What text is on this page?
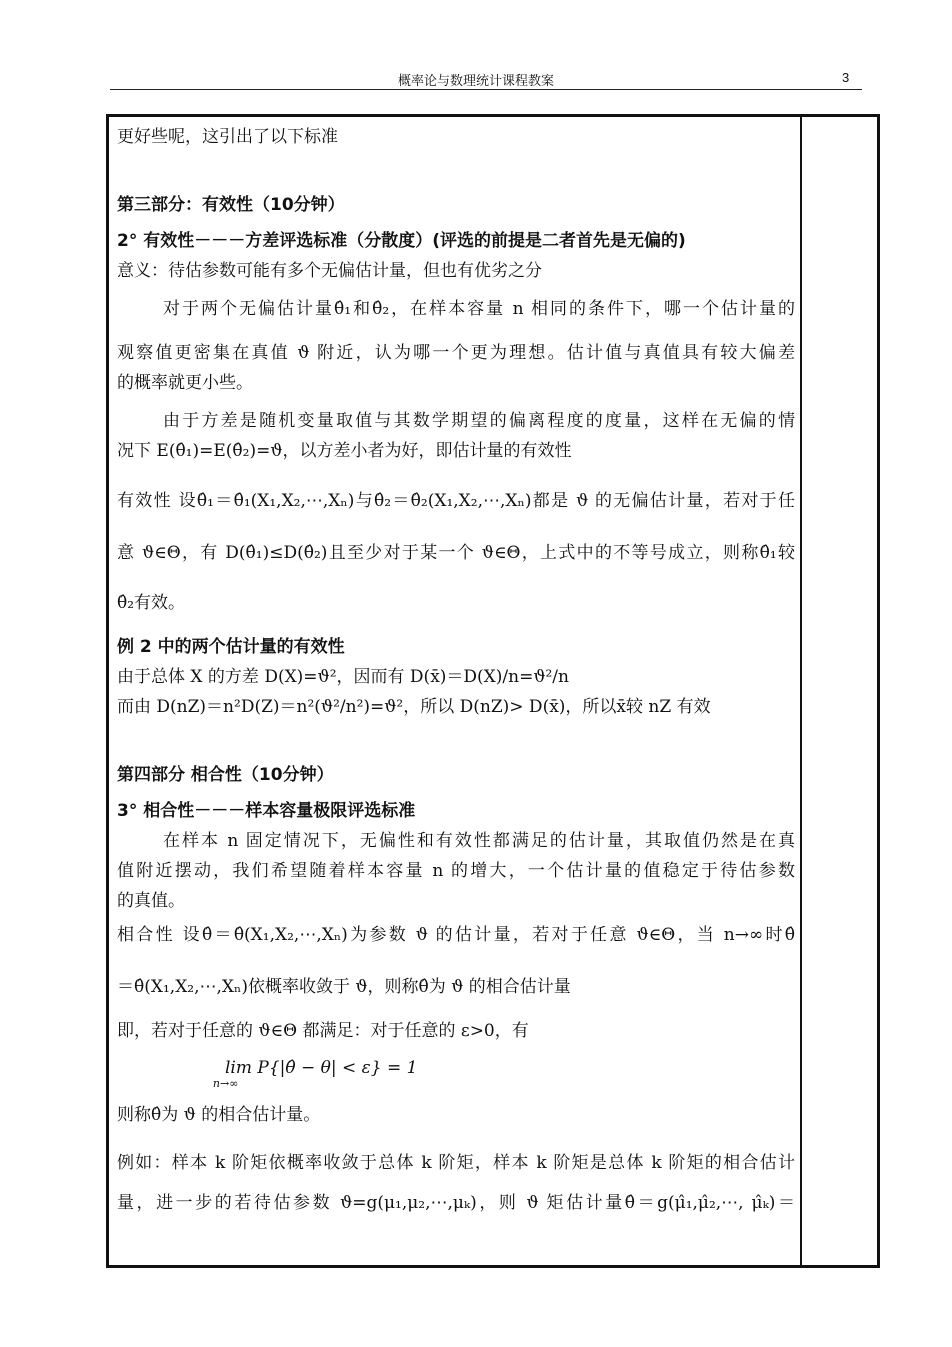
概率论与数理统计课程教案	3
更好些呢，这引出了以下标准
第三部分：有效性（10分钟）
2° 有效性－－－方差评选标准（分散度）(评选的前提是二者首先是无偏的)
意义：待估参数可能有多个无偏估计量，但也有优劣之分
对于两个无偏估计量θ̂₁和θ̂₂，在样本容量 n 相同的条件下，哪一个估计量的
观察值更密集在真值 ϑ 附近，认为哪一个更为理想。估计值与真值具有较大偏差
的概率就更小些。
由于方差是随机变量取值与其数学期望的偏离程度的度量，这样在无偏的情
况下 E(θ̂₁)=E(θ̂₂)=ϑ，以方差小者为好，即估计量的有效性
有效性 设θ̂₁＝θ̂₁(X₁,X₂,⋯,Xₙ)与θ̂₂＝θ̂₂(X₁,X₂,⋯,Xₙ)都是 ϑ 的无偏估计量，若对于任
意 ϑ∈Θ，有 D(θ̂₁)≤D(θ̂₂)且至少对于某一个 ϑ∈Θ，上式中的不等号成立，则称θ̂₁较
θ̂₂有效。
例 2 中的两个估计量的有效性
由于总体 X 的方差 D(X)=ϑ²，因而有 D(x̄)＝D(X)/n=ϑ²/n
而由 D(nZ)＝n²D(Z)＝n²(ϑ²/n²)=ϑ²，所以 D(nZ)> D(x̄)，所以x̄较 nZ 有效
第四部分 相合性（10分钟）
3° 相合性－－－样本容量极限评选标准
在样本 n 固定情况下，无偏性和有效性都满足的估计量，其取值仍然是在真
值附近摆动，我们希望随着样本容量 n 的增大，一个估计量的值稳定于待估参数
的真值。
相合性 设θ̂＝θ̂(X₁,X₂,⋯,Xₙ)为参数 ϑ 的估计量，若对于任意 ϑ∈Θ，当 n→∞时θ̂
＝θ̂(X₁,X₂,⋯,Xₙ)依概率收敛于 ϑ，则称θ̂为 ϑ 的相合估计量
即，若对于任意的 ϑ∈Θ 都满足：对于任意的 ε>0，有
lim P{|θ̂ − θ| < ε} = 1 $_{n\to\infty}$
则称θ̂为 ϑ 的相合估计量。
例如：样本 k 阶矩依概率收敛于总体 k 阶矩，样本 k 阶矩是总体 k 阶矩的相合估计
量，进一步的若待估参数 ϑ=g(μ₁,μ₂,⋯,μₖ)，则 ϑ 矩估计量θ̂＝g(μ̂₁,μ̂₂,⋯, μ̂ₖ)＝
